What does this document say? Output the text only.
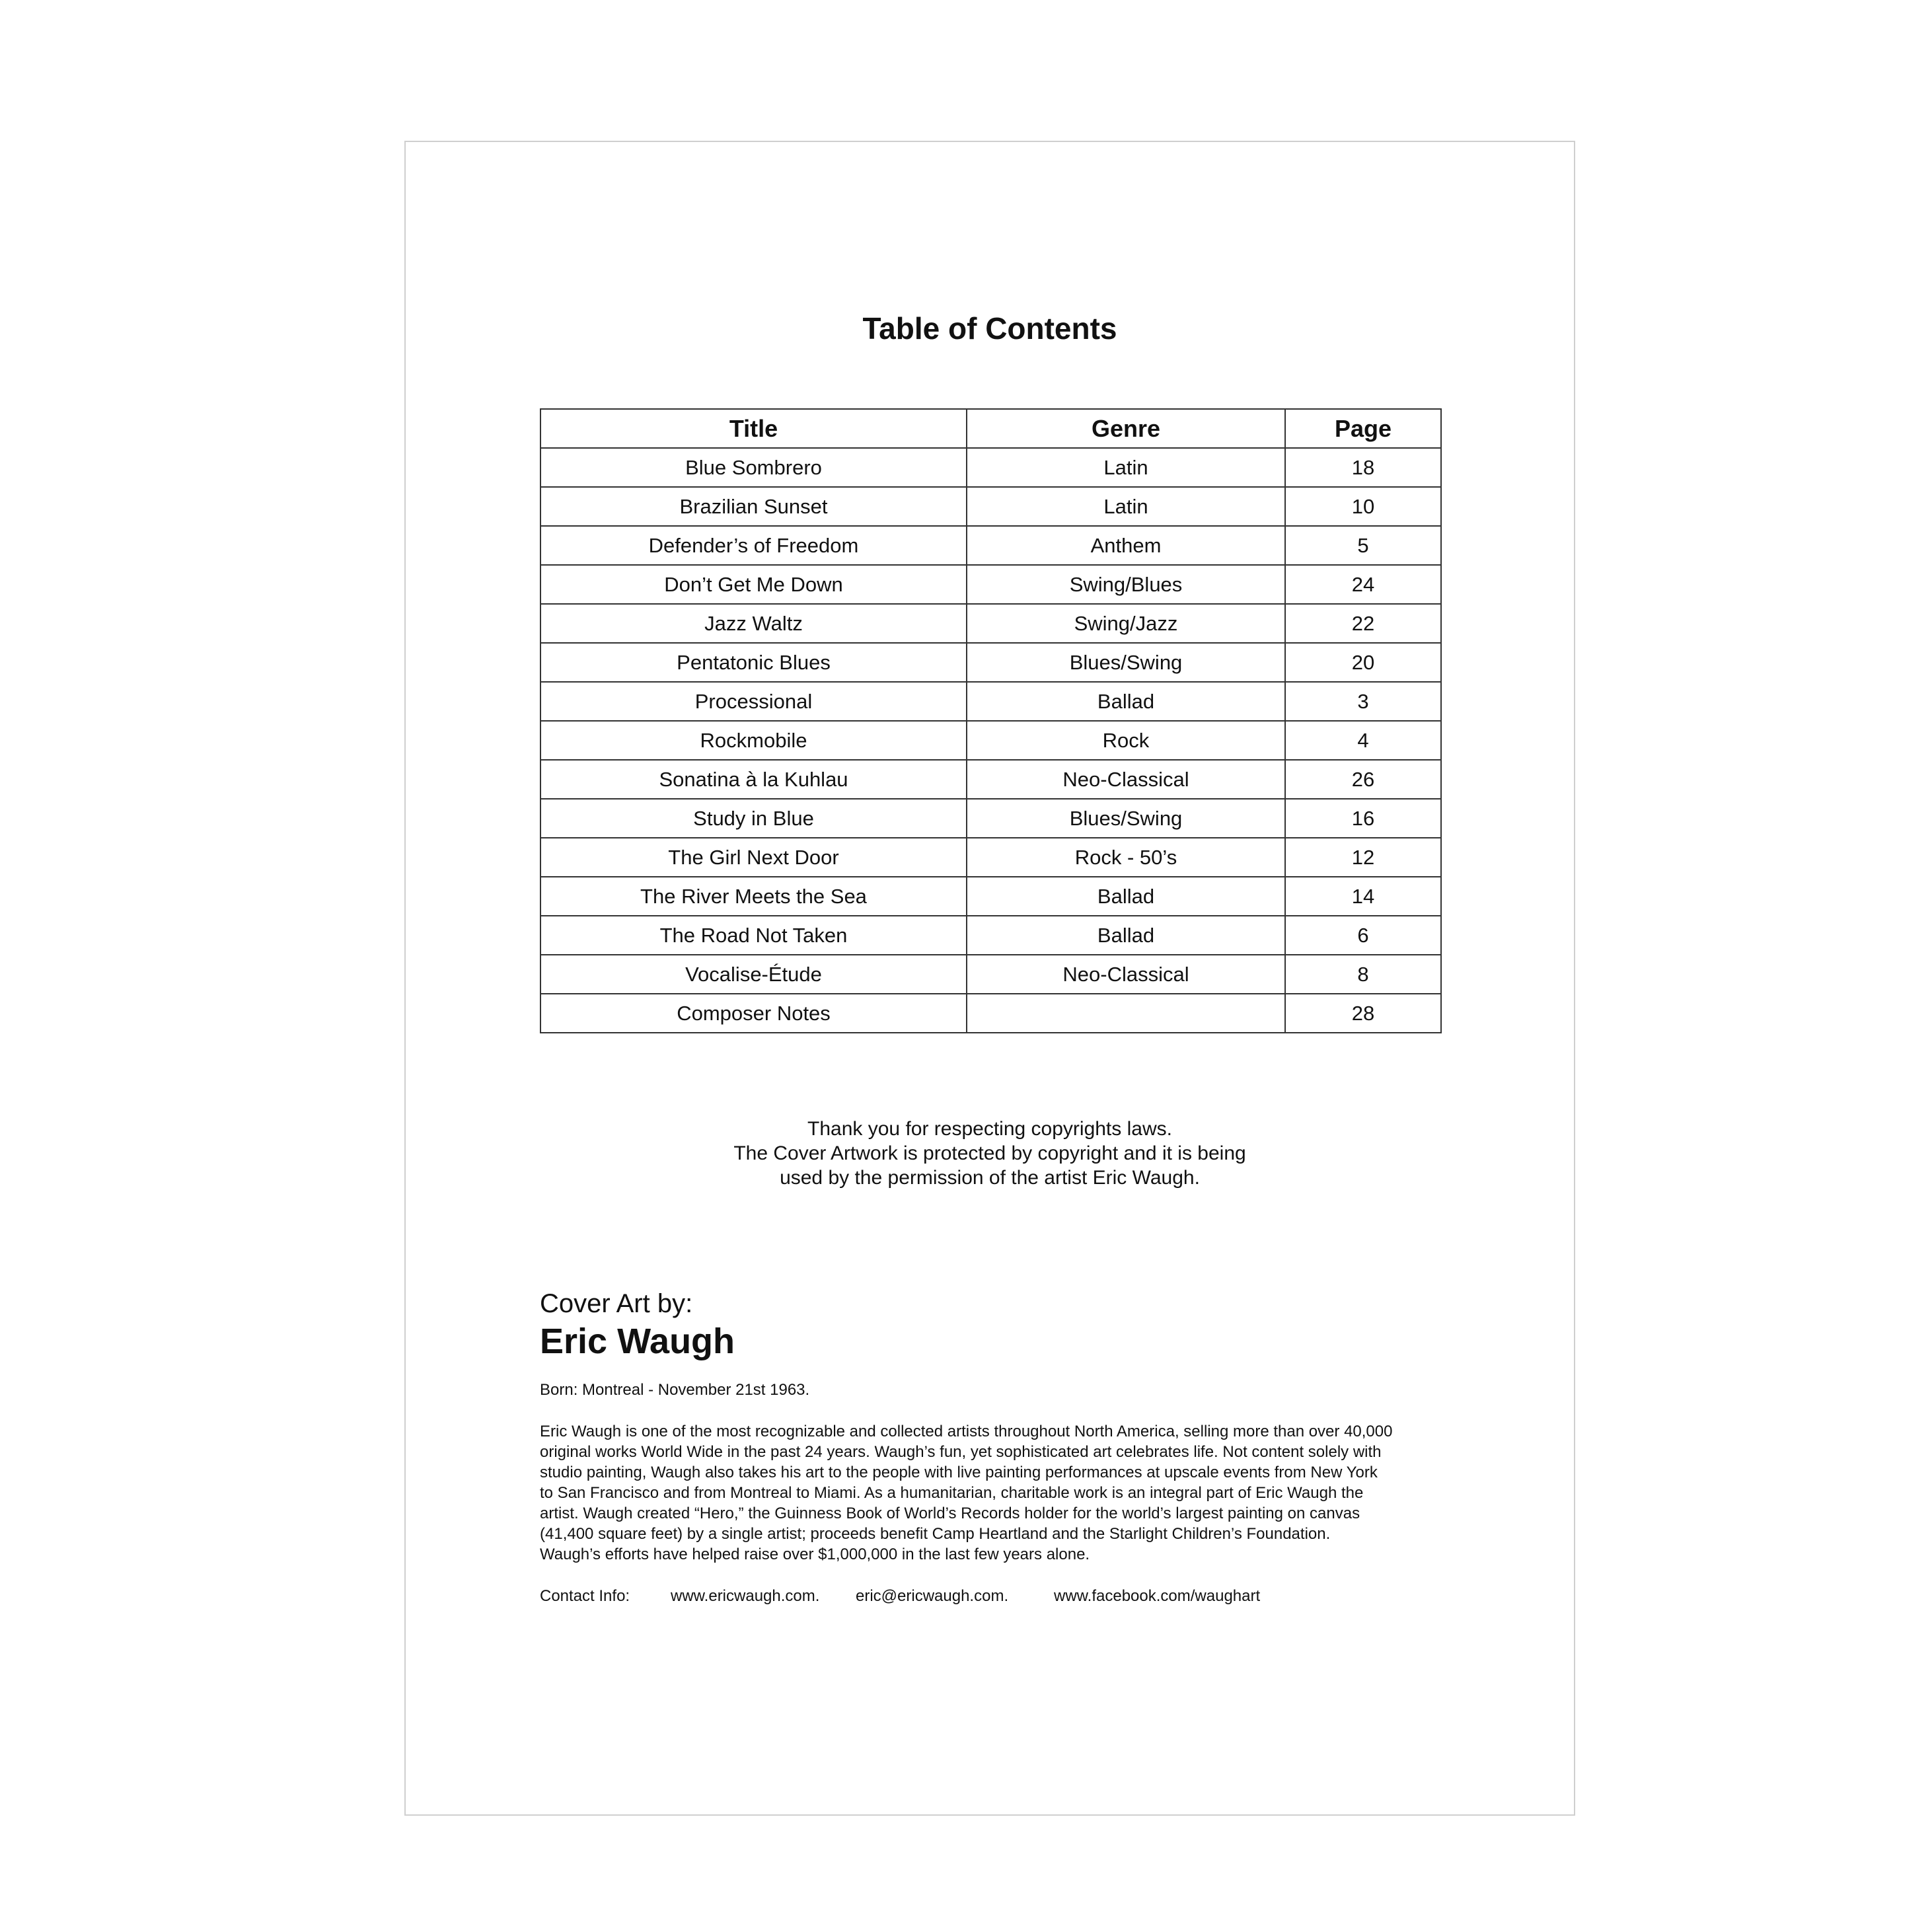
Table of Contents
Title	Genre	Page
Blue Sombrero	Latin	18
Brazilian Sunset	Latin	10
Defender’s of Freedom	Anthem	5
Don’t Get Me Down	Swing/Blues	24
Jazz Waltz	Swing/Jazz	22
Pentatonic Blues	Blues/Swing	20
Processional	Ballad	3
Rockmobile	Rock	4
Sonatina à la Kuhlau	Neo-Classical	26
Study in Blue	Blues/Swing	16
The Girl Next Door	Rock - 50’s	12
The River Meets the Sea	Ballad	14
The Road Not Taken	Ballad	6
Vocalise-Étude	Neo-Classical	8
Composer Notes		28
Thank you for respecting copyrights laws.
The Cover Artwork is protected by copyright and it is being
used by the permission of the artist Eric Waugh.
Cover Art by:
Eric Waugh
Born: Montreal - November 21st 1963.
Eric Waugh is one of the most recognizable and collected artists throughout North America, selling more than over 40,000
original works World Wide in the past 24 years. Waugh’s fun, yet sophisticated art celebrates life. Not content solely with
studio painting, Waugh also takes his art to the people with live painting performances at upscale events from New York
to San Francisco and from Montreal to Miami. As a humanitarian, charitable work is an integral part of Eric Waugh the
artist. Waugh created “Hero,” the Guinness Book of World’s Records holder for the world’s largest painting on canvas
(41,400 square feet) by a single artist; proceeds benefit Camp Heartland and the Starlight Children’s Foundation.
Waugh’s efforts have helped raise over $1,000,000 in the last few years alone.
Contact Info:	www.ericwaugh.com. eric@ericwaugh.com.	www.facebook.com/waughart
